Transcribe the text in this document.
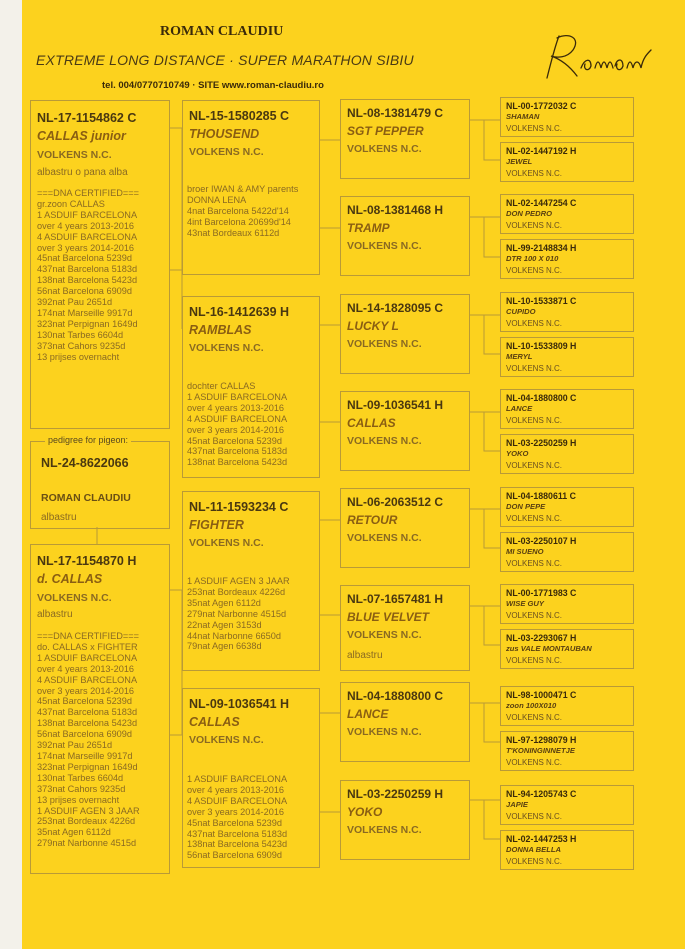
ROMAN CLAUDIU
EXTREME LONG DISTANCE · SUPER MARATHON SIBIU
tel. 004/0770710749 · SITE www.roman-claudiu.ro
NL-17-1154862 C
CALLAS junior
VOLKENS N.C.
albastru o pana alba
===DNA CERTIFIED===
gr.zoon CALLAS
1 ASDUIF BARCELONA
over 4 years 2013-2016
4 ASDUIF BARCELONA
over 3 years 2014-2016
45nat Barcelona 5239d
437nat Barcelona 5183d
138nat Barcelona 5423d
56nat Barcelona 6909d
392nat Pau 2651d
174nat Marseille 9917d
323nat Perpignan 1649d
130nat Tarbes 6604d
373nat Cahors 9235d
13 prijses overnacht
pedigree for pigeon:
NL-24-8622066
ROMAN CLAUDIU
albastru
NL-17-1154870 H
d. CALLAS
VOLKENS N.C.
albastru
===DNA CERTIFIED===
do. CALLAS x FIGHTER
1 ASDUIF BARCELONA
over 4 years 2013-2016
4 ASDUIF BARCELONA
over 3 years 2014-2016
45nat Barcelona 5239d
437nat Barcelona 5183d
138nat Barcelona 5423d
56nat Barcelona 6909d
392nat Pau 2651d
174nat Marseille 9917d
323nat Perpignan 1649d
130nat Tarbes 6604d
373nat Cahors 9235d
13 prijses overnacht
1 ASDUIF AGEN 3 JAAR
253nat Bordeaux 4226d
35nat Agen 6112d
279nat Narbonne 4515d
NL-15-1580285 C
THOUSEND
VOLKENS N.C.
broer IWAN & AMY parents
DONNA LENA
4nat Barcelona 5422d'14
4int Barcelona 20699d'14
43nat Bordeaux 6112d
NL-16-1412639 H
RAMBLAS
VOLKENS N.C.
dochter CALLAS
1 ASDUIF BARCELONA
over 4 years 2013-2016
4 ASDUIF BARCELONA
over 3 years 2014-2016
45nat Barcelona 5239d
437nat Barcelona 5183d
138nat Barcelona 5423d
NL-11-1593234 C
FIGHTER
VOLKENS N.C.
1 ASDUIF AGEN 3 JAAR
253nat Bordeaux 4226d
35nat Agen 6112d
279nat Narbonne 4515d
22nat Agen 3153d
44nat Narbonne 6650d
79nat Agen 6638d
NL-09-1036541 H
CALLAS
VOLKENS N.C.
1 ASDUIF BARCELONA
over 4 years 2013-2016
4 ASDUIF BARCELONA
over 3 years 2014-2016
45nat Barcelona 5239d
437nat Barcelona 5183d
138nat Barcelona 5423d
56nat Barcelona 6909d
NL-08-1381479 C
SGT PEPPER
VOLKENS N.C.
NL-08-1381468 H
TRAMP
VOLKENS N.C.
NL-14-1828095 C
LUCKY L
VOLKENS N.C.
NL-09-1036541 H
CALLAS
VOLKENS N.C.
NL-06-2063512 C
RETOUR
VOLKENS N.C.
NL-07-1657481 H
BLUE VELVET
VOLKENS N.C.
albastru
NL-04-1880800 C
LANCE
VOLKENS N.C.
NL-03-2250259 H
YOKO
VOLKENS N.C.
NL-00-1772032 C
SHAMAN
VOLKENS N.C.
NL-02-1447192 H
JEWEL
VOLKENS N.C.
NL-02-1447254 C
DON PEDRO
VOLKENS N.C.
NL-99-2148834 H
DTR 100 X 010
VOLKENS N.C.
NL-10-1533871 C
CUPIDO
VOLKENS N.C.
NL-10-1533809 H
MERYL
VOLKENS N.C.
NL-04-1880800 C
LANCE
VOLKENS N.C.
NL-03-2250259 H
YOKO
VOLKENS N.C.
NL-04-1880611 C
DON PEPE
VOLKENS N.C.
NL-03-2250107 H
MI SUENO
VOLKENS N.C.
NL-00-1771983 C
WISE GUY
VOLKENS N.C.
NL-03-2293067 H
zus VALE MONTAUBAN
VOLKENS N.C.
NL-98-1000471 C
zoon 100X010
VOLKENS N.C.
NL-97-1298079 H
T'KONINGINNETJE
VOLKENS N.C.
NL-94-1205743 C
JAPIE
VOLKENS N.C.
NL-02-1447253 H
DONNA BELLA
VOLKENS N.C.
